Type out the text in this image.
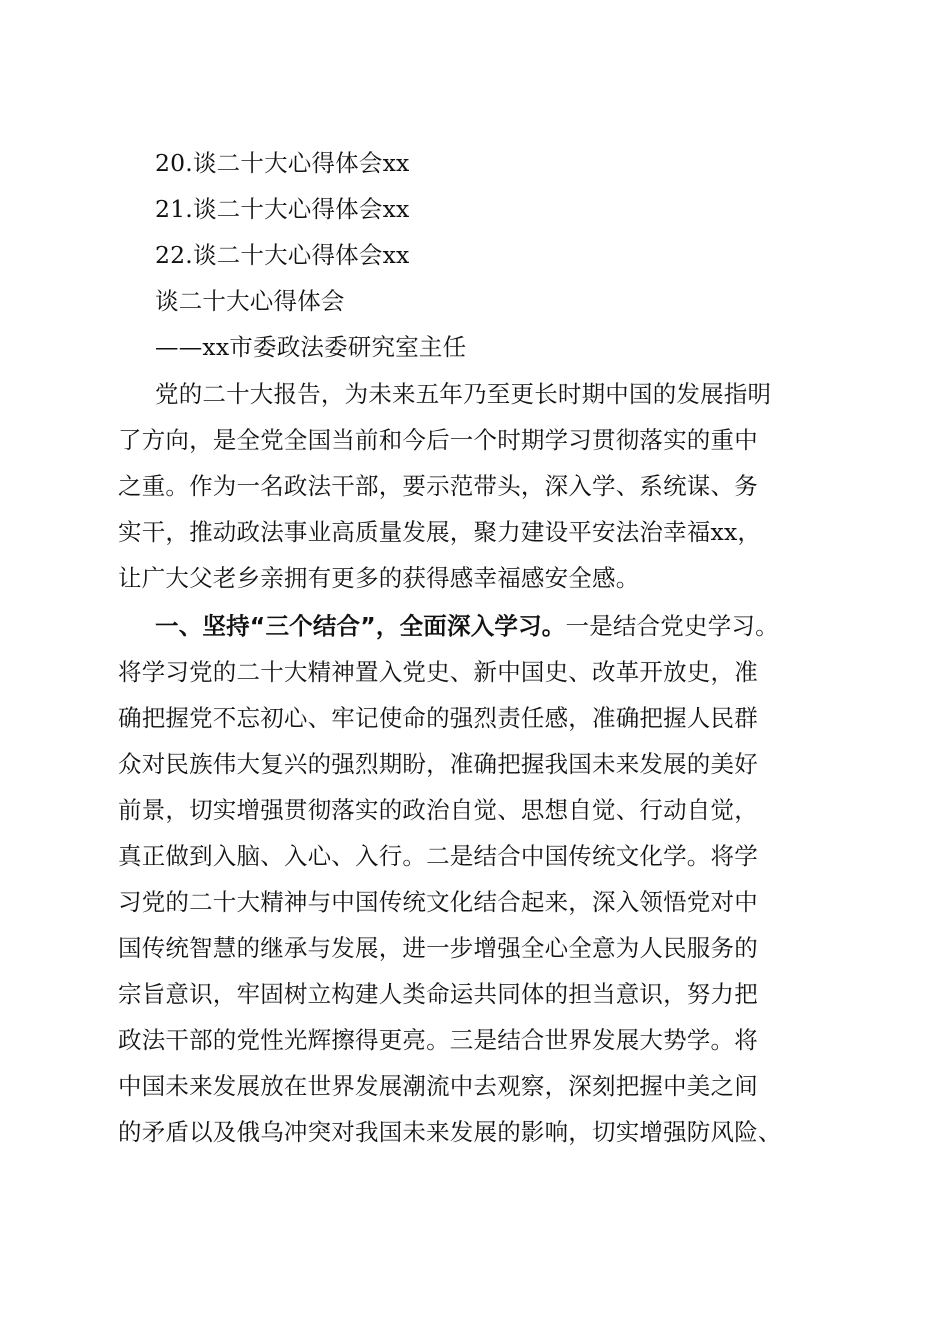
20.谈二十大心得体会xx
21.谈二十大心得体会xx
22.谈二十大心得体会xx
谈二十大心得体会
——xx市委政法委研究室主任
党的二十大报告，为未来五年乃至更长时期中国的发展指明
了方向，是全党全国当前和今后一个时期学习贯彻落实的重中
之重。作为一名政法干部，要示范带头，深入学、系统谋、务
实干，推动政法事业高质量发展，聚力建设平安法治幸福xx，
让广大父老乡亲拥有更多的获得感幸福感安全感。
一、坚持“三个结合”，全面深入学习。一是结合党史学习。
将学习党的二十大精神置入党史、新中国史、改革开放史，准
确把握党不忘初心、牢记使命的强烈责任感，准确把握人民群
众对民族伟大复兴的强烈期盼，准确把握我国未来发展的美好
前景，切实增强贯彻落实的政治自觉、思想自觉、行动自觉，
真正做到入脑、入心、入行。二是结合中国传统文化学。将学
习党的二十大精神与中国传统文化结合起来，深入领悟党对中
国传统智慧的继承与发展，进一步增强全心全意为人民服务的
宗旨意识，牢固树立构建人类命运共同体的担当意识，努力把
政法干部的党性光辉擦得更亮。三是结合世界发展大势学。将
中国未来发展放在世界发展潮流中去观察，深刻把握中美之间
的矛盾以及俄乌冲突对我国未来发展的影响，切实增强防风险、
